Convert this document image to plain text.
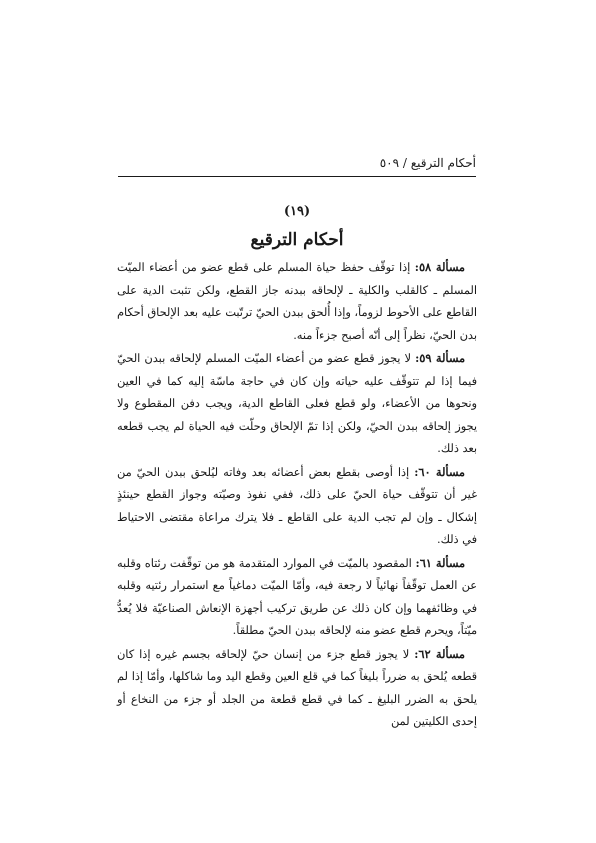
أحكام الترقيع / ٥٠٩
(١٩)
أحكام الترقيع

مسألة ٥٨: إذا توقّف حفظ حياة المسلم على قطع عضو من أعضاء الميّت المسلم ـ كالقلب والكلية ـ لإلحاقه ببدنه جاز القطع، ولكن تثبت الدية على القاطع على الأحوط لزوماً، وإذا أُلحق ببدن الحيّ ترتّبت عليه بعد الإلحاق أحكام بدن الحيّ، نظراً إلى أنّه أصبح جزءاً منه.

مسألة ٥٩: لا يجوز قطع عضو من أعضاء الميّت المسلم لإلحاقه ببدن الحيّ فيما إذا لم تتوقّف عليه حياته وإن كان في حاجة ماسّة إليه كما في العين ونحوها من الأعضاء، ولو قطع فعلى القاطع الدية، ويجب دفن المقطوع ولا يجوز إلحاقه ببدن الحيّ، ولكن إذا تمّ الإلحاق وحلّت فيه الحياة لم يجب قطعه بعد ذلك.

مسألة ٦٠: إذا أوصى بقطع بعض أعضائه بعد وفاته ليُلحق ببدن الحيّ من غير أن تتوقّف حياة الحيّ على ذلك، ففي نفوذ وصيّته وجواز القطع حينئذٍ إشكال ـ وإن لم تجب الدية على القاطع ـ فلا يترك مراعاة مقتضى الاحتياط في ذلك.

مسألة ٦١: المقصود بالميّت في الموارد المتقدمة هو من توقّفت رئتاه وقلبه عن العمل توقّفاً نهائياً لا رجعة فيه، وأمّا الميّت دماغياً مع استمرار رئتيه وقلبه في وظائفهما وإن كان ذلك عن طريق تركيب أجهزة الإنعاش الصناعيّة فلا يُعدُّ ميّتاً، ويحرم قطع عضو منه لإلحاقه ببدن الحيّ مطلقاً.

مسألة ٦٢: لا يجوز قطع جزء من إنسان حيّ لإلحاقه بجسم غيره إذا كان قطعه يُلحق به ضرراً بليغاً كما في قلع العين وقطع اليد وما شاكلها، وأمّا إذا لم يلحق به الضرر البليغ ـ كما في قطع قطعة من الجلد أو جزء من النخاع أو إحدى الكليتين لمن
